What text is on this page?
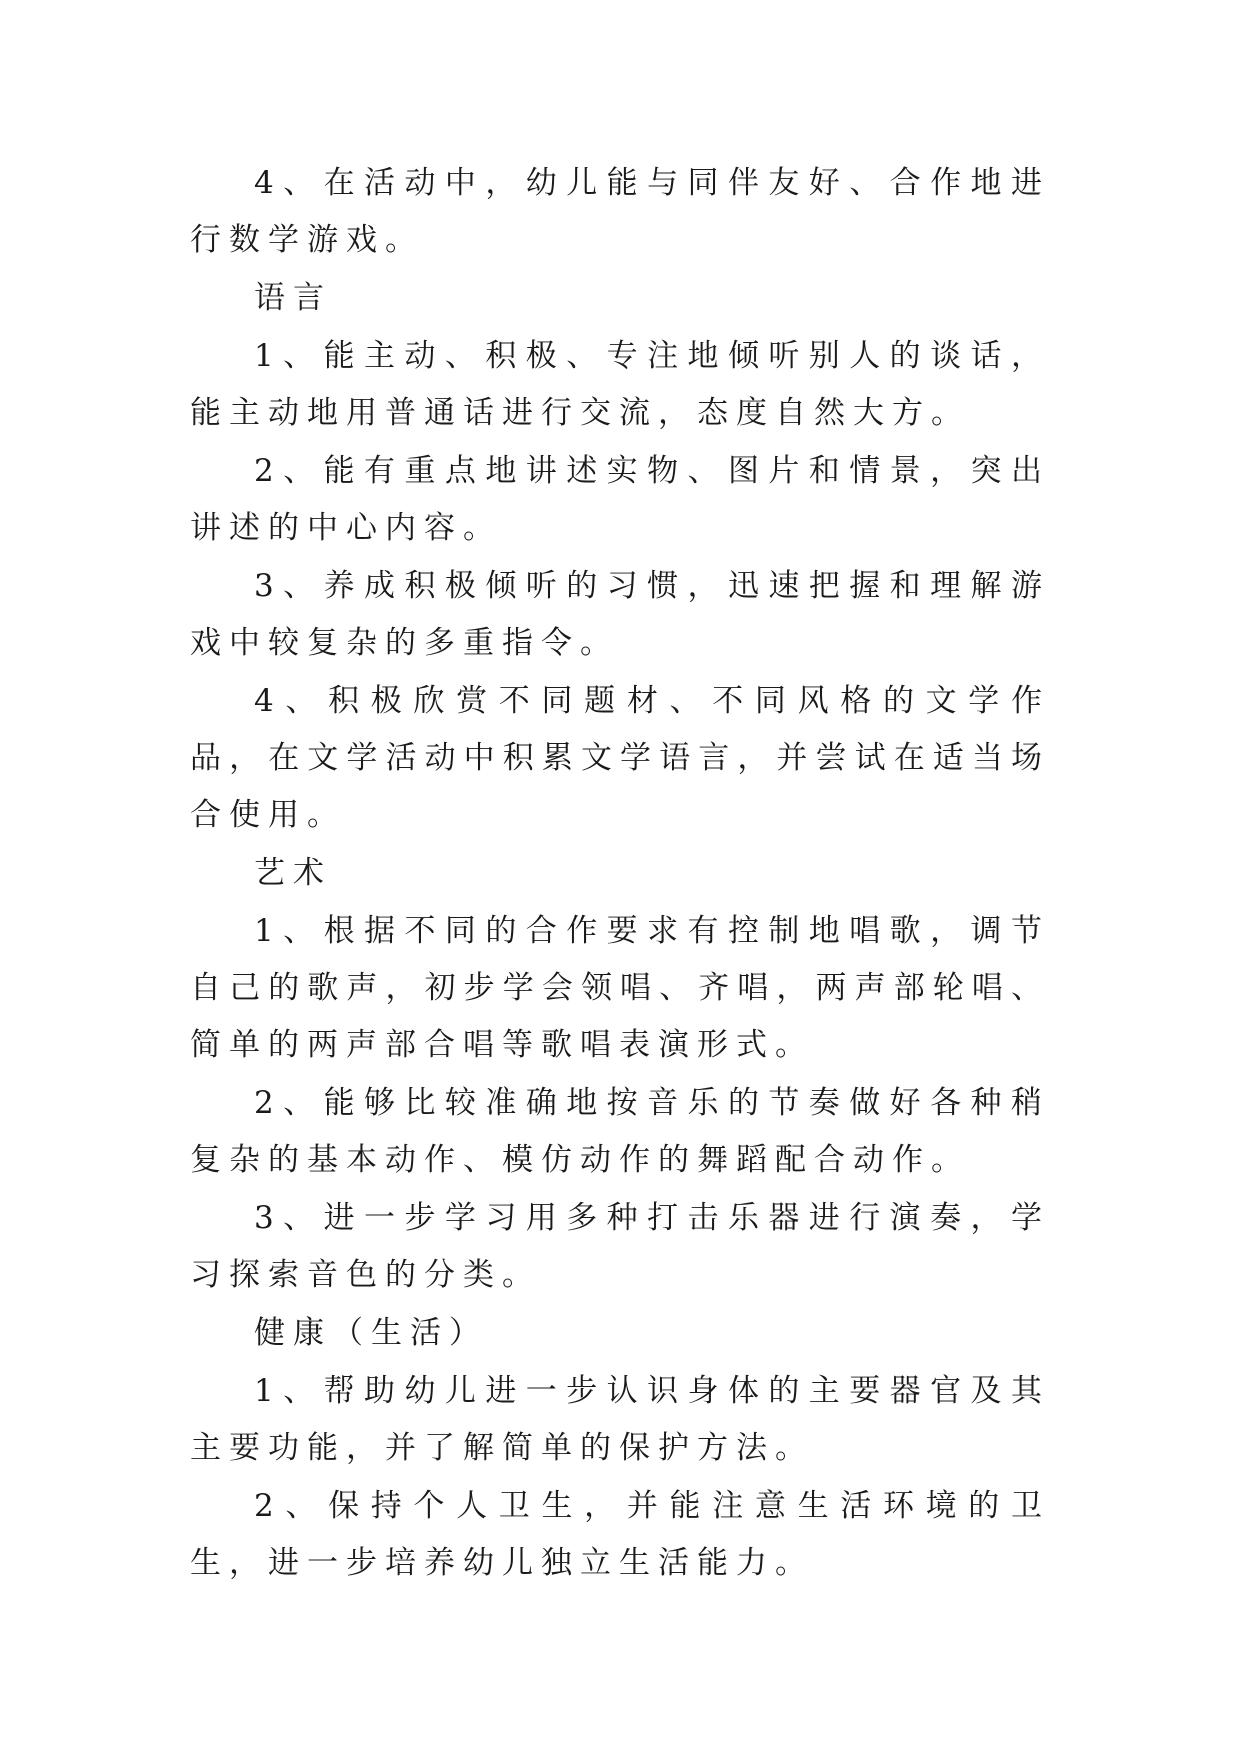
4、在活动中，幼儿能与同伴友好、合作地进行数学游戏。

语言

1、能主动、积极、专注地倾听别人的谈话，能主动地用普通话进行交流，态度自然大方。

2、能有重点地讲述实物、图片和情景，突出讲述的中心内容。

3、养成积极倾听的习惯，迅速把握和理解游戏中较复杂的多重指令。

4、积极欣赏不同题材、不同风格的文学作品，在文学活动中积累文学语言，并尝试在适当场合使用。

艺术

1、根据不同的合作要求有控制地唱歌，调节自己的歌声，初步学会领唱、齐唱，两声部轮唱、简单的两声部合唱等歌唱表演形式。

2、能够比较准确地按音乐的节奏做好各种稍复杂的基本动作、模仿动作的舞蹈配合动作。

3、进一步学习用多种打击乐器进行演奏，学习探索音色的分类。

健康（生活）

1、帮助幼儿进一步认识身体的主要器官及其主要功能，并了解简单的保护方法。

2、保持个人卫生，并能注意生活环境的卫生，进一步培养幼儿独立生活能力。
